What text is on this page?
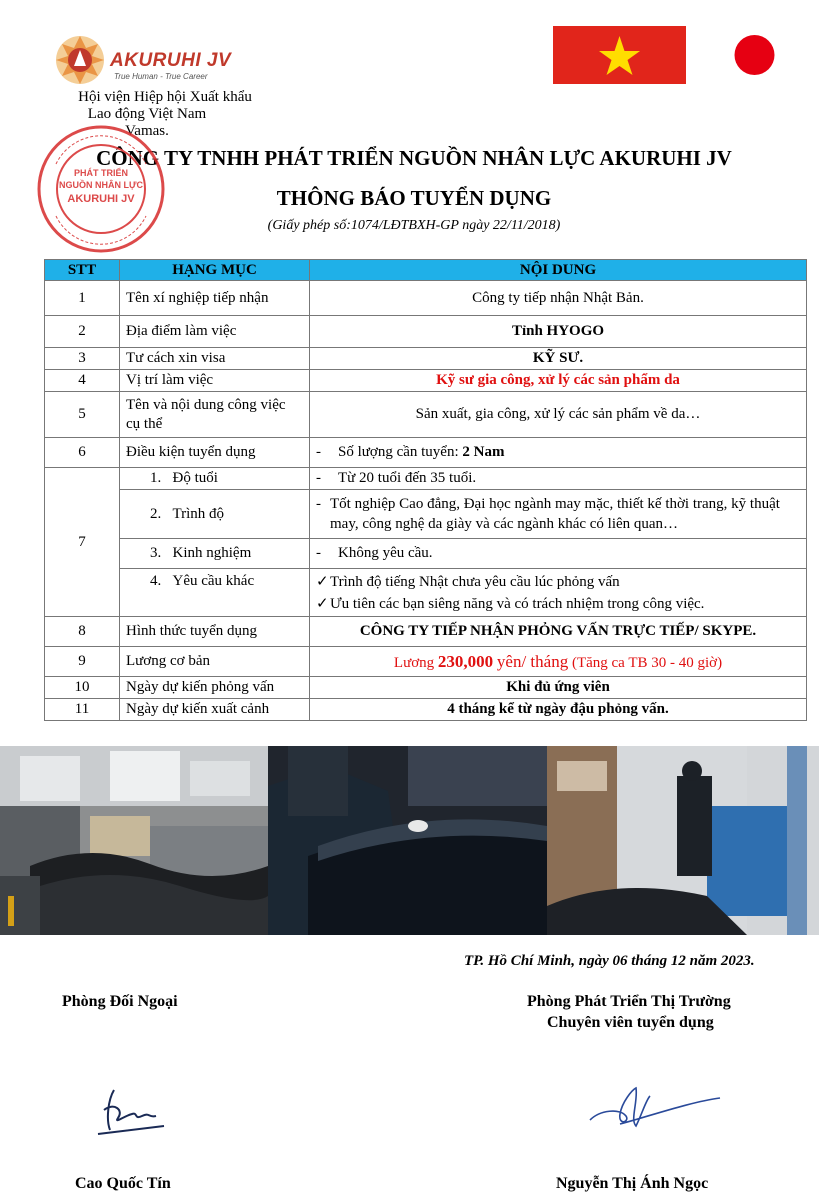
AKURUHI JV
True Human - True Career
Hội viện Hiệp hội Xuất khẩu
Lao động Việt Nam Vamas.
CÔNG TY TNHH PHÁT TRIỂN NGUỒN NHÂN LỰC AKURUHI JV
THÔNG BÁO TUYỂN DỤNG
(Giấy phép số:1074/LĐTBXH-GP ngày 22/11/2018)
PHÁT TRIỂN
NGUỒN NHÂN LỰC
AKURUHI JV
STT	HẠNG MỤC	NỘI DUNG
1	Tên xí nghiệp tiếp nhận	Công ty tiếp nhận Nhật Bản.
2	Địa điểm làm việc	Tỉnh HYOGO
3	Tư cách xin visa	KỸ SƯ.
4	Vị trí làm việc	Kỹ sư gia công, xử lý các sản phẩm da
5	Tên và nội dung công việc cụ thể	Sản xuất, gia công, xử lý các sản phẩm về da…
6	Điều kiện tuyển dụng	- Số lượng cần tuyển: 2 Nam
7	1. Độ tuổi	- Từ 20 tuổi đến 35 tuổi.
	2. Trình độ	- Tốt nghiệp Cao đẳng, Đại học ngành may mặc, thiết kế thời trang, kỹ thuật may, công nghệ da giày và các ngành khác có liên quan…

	3. Kinh nghiệm	- Không yêu cầu.
	4. Yêu cầu khác	✓Trình độ tiếng Nhật chưa yêu cầu lúc phỏng vấn
✓Ưu tiên các bạn siêng năng và có trách nhiệm trong công việc.

8	Hình thức tuyển dụng	CÔNG TY TIẾP NHẬN PHỎNG VẤN TRỰC TIẾP/ SKYPE.
9	Lương cơ bản	Lương 230,000 yên/ tháng (Tăng ca TB 30 - 40 giờ)
10	Ngày dự kiến phỏng vấn	Khi đủ ứng viên
11	Ngày dự kiến xuất cảnh	4 tháng kể từ ngày đậu phỏng vấn.
TP. Hồ Chí Minh, ngày 06 tháng 12 năm 2023.
Phòng Đối Ngoại	Phòng Phát Triển Thị Trường
Chuyên viên tuyển dụng
Cao Quốc Tín	Nguyễn Thị Ánh Ngọc
